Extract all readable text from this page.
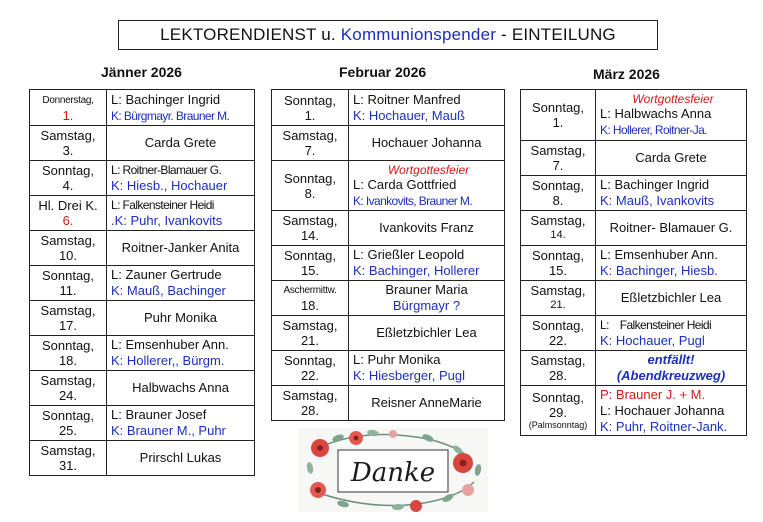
LEKTORENDIENST u.
Kommunionspender
- EINTEILUNG
Jänner 2026	Februar 2026	März 2026
Donnerstag,
1.	L: Bachinger Ingrid
K: Bürgmayr. Brauner M.

Samstag,
3.	Carda Grete

Sonntag,
4.	L: Roitner-Blamauer G.
K: Hiesb., Hochauer

Hl. Drei K.
6.	L: Falkensteiner Heidi
.K: Puhr, Ivankovits

Samstag,
10.	Roitner-Janker Anita

Sonntag,
11.	L: Zauner Gertrude
K: Mauß, Bachinger

Samstag,
17.	Puhr Monika

Sonntag,
18.	L: Emsenhuber Ann.
K: Hollerer,, Bürgm.

Samstag,
24.	Halbwachs Anna

Sonntag,
25.	L: Brauner Josef
K: Brauner M., Puhr

Samstag,
31.	Prirschl Lukas
Sonntag,
1.	L: Roitner Manfred
K: Hochauer, Mauß

Samstag,
7.	Hochauer Johanna

Sonntag,
8.	Wortgottesfeier
L: Carda Gottfried
K: Ivankovits, Brauner M.

Samstag,
14.	Ivankovits Franz

Sonntag,
15.	L: Grießler Leopold
K: Bachinger, Hollerer

Aschermittw.
18.	Brauner Maria
Bürgmayr ?

Samstag,
21.	Eßletzbichler Lea

Sonntag,
22.	L: Puhr Monika
K: Hiesberger, Pugl

Samstag,
28.	Reisner AnneMarie
Sonntag,
1.	Wortgottesfeier
L: Halbwachs Anna
K: Hollerer, Roitner-Ja.

Samstag,
7.	Carda Grete

Sonntag,
8.	L: Bachinger Ingrid
K: Mauß, Ivankovits

Samstag,
14.	Roitner- Blamauer G.

Sonntag,
15.	L: Emsenhuber Ann.
K: Bachinger, Hiesb.

Samstag,
21.	Eßletzbichler Lea

Sonntag,
22.	L:    Falkensteiner Heidi
K: Hochauer, Pugl

Samstag,
28.	entfällt!
(Abendkreuzweg)

Sonntag,
29.
(Palmsonntag)	P: Brauner J. + M.
L: Hochauer Johanna
K: Puhr, Roitner-Jank.
Danke
